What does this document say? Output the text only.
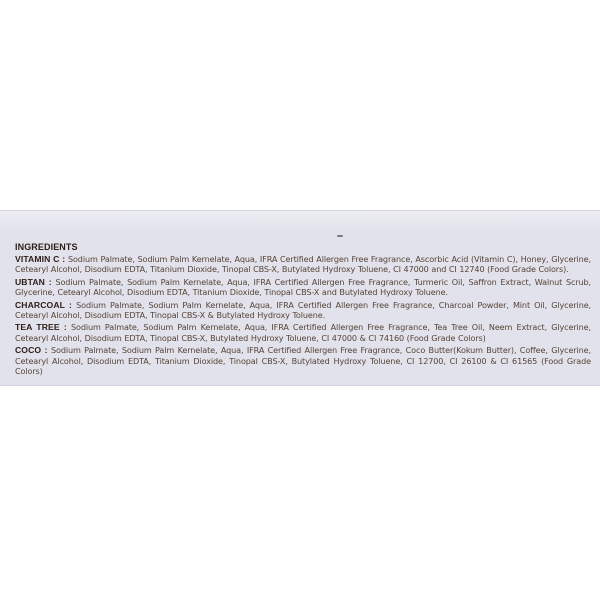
INGREDIENTS

VITAMIN C : Sodium Palmate, Sodium Palm Kernelate, Aqua, IFRA Certified Allergen Free Fragrance, Ascorbic Acid (Vitamin C), Honey, Glycerine, Cetearyl Alcohol, Disodium EDTA, Titanium Dioxide, Tinopal CBS-X, Butylated Hydroxy Toluene, CI 47000 and CI 12740 (Food Grade Colors).

UBTAN : Sodium Palmate, Sodium Palm Kernelate, Aqua, IFRA Certified Allergen Free Fragrance, Turmeric Oil, Saffron Extract, Walnut Scrub, Glycerine, Cetearyl Alcohol, Disodium EDTA, Titanium Dioxide, Tinopal CBS-X and Butylated Hydroxy Toluene.

CHARCOAL : Sodium Palmate, Sodium Palm Kernelate, Aqua, IFRA Certified Allergen Free Fragrance, Charcoal Powder, Mint Oil, Glycerine, Cetearyl Alcohol, Disodium EDTA, Tinopal CBS-X & Butylated Hydroxy Toluene.

TEA TREE : Sodium Palmate, Sodium Palm Kernelate, Aqua, IFRA Certified Allergen Free Fragrance, Tea Tree Oil, Neem Extract, Glycerine, Cetearyl Alcohol, Disodium EDTA, Tinopal CBS-X, Butylated Hydroxy Toluene, CI 47000 & CI 74160 (Food Grade Colors)

COCO : Sodium Palmate, Sodium Palm Kernelate, Aqua, IFRA Certified Allergen Free Fragrance, Coco Butter(Kokum Butter), Coffee, Glycerine, Cetearyl Alcohol, Disodium EDTA, Titanium Dioxide, Tinopal CBS-X, Butylated Hydroxy Toluene, CI 12700, CI 26100 & CI 61565 (Food Grade Colors)
